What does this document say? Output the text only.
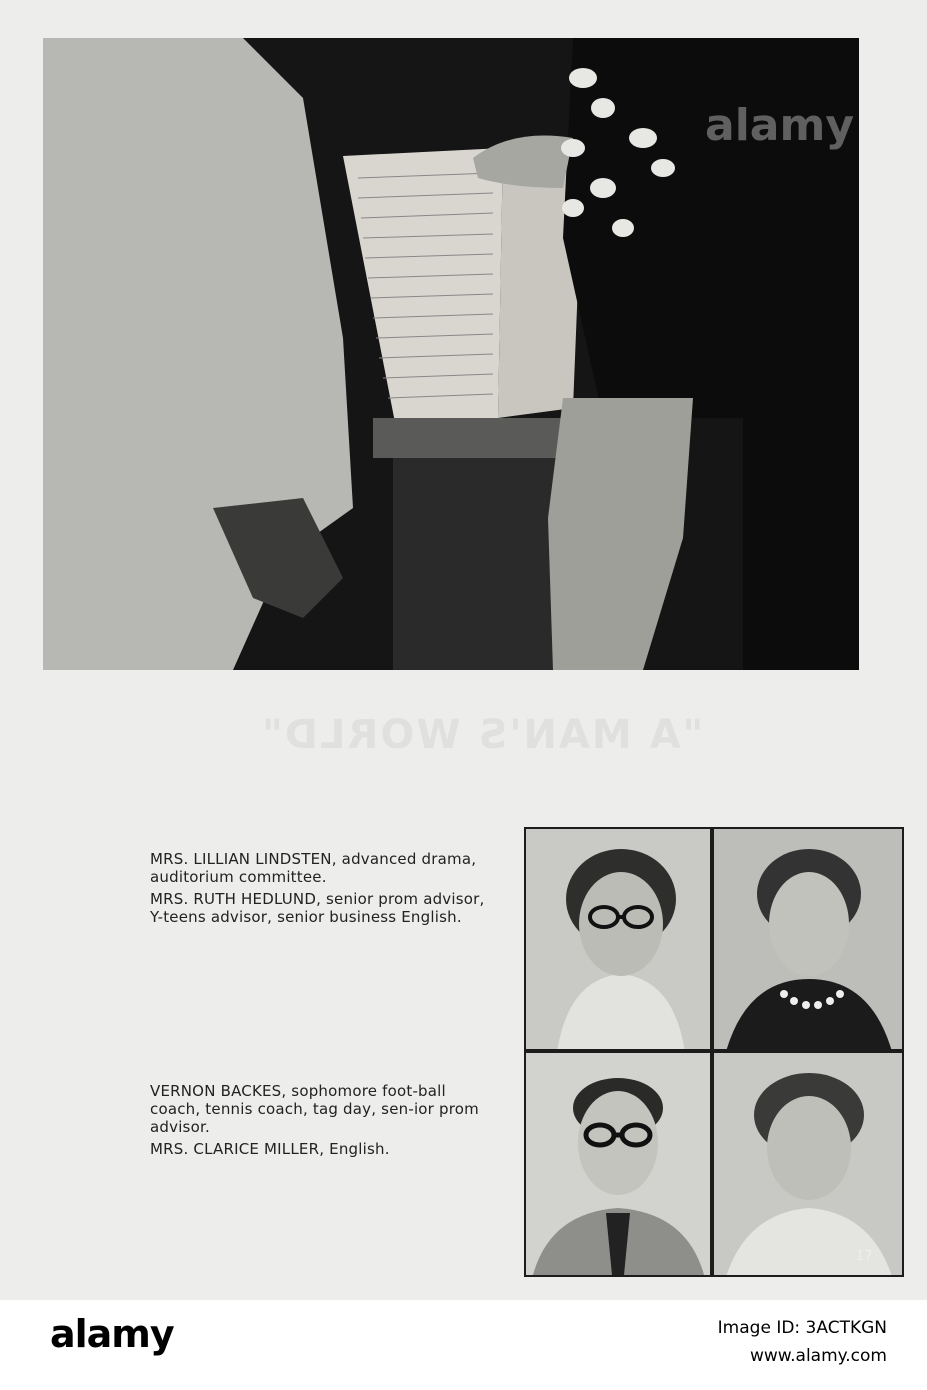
"A MAN'S WORLD"

MRS. LILLIAN LINDSTEN, advanced drama, auditorium committee.

MRS. RUTH HEDLUND, senior prom advisor, Y-teens advisor, senior business English.

VERNON BACKES, sophomore foot-ball coach, tennis coach, tag day, sen-ior prom advisor.

MRS. CLARICE MILLER, English.

17
alamy
alamy	Image ID: 3ACTKGN
www.alamy.com
